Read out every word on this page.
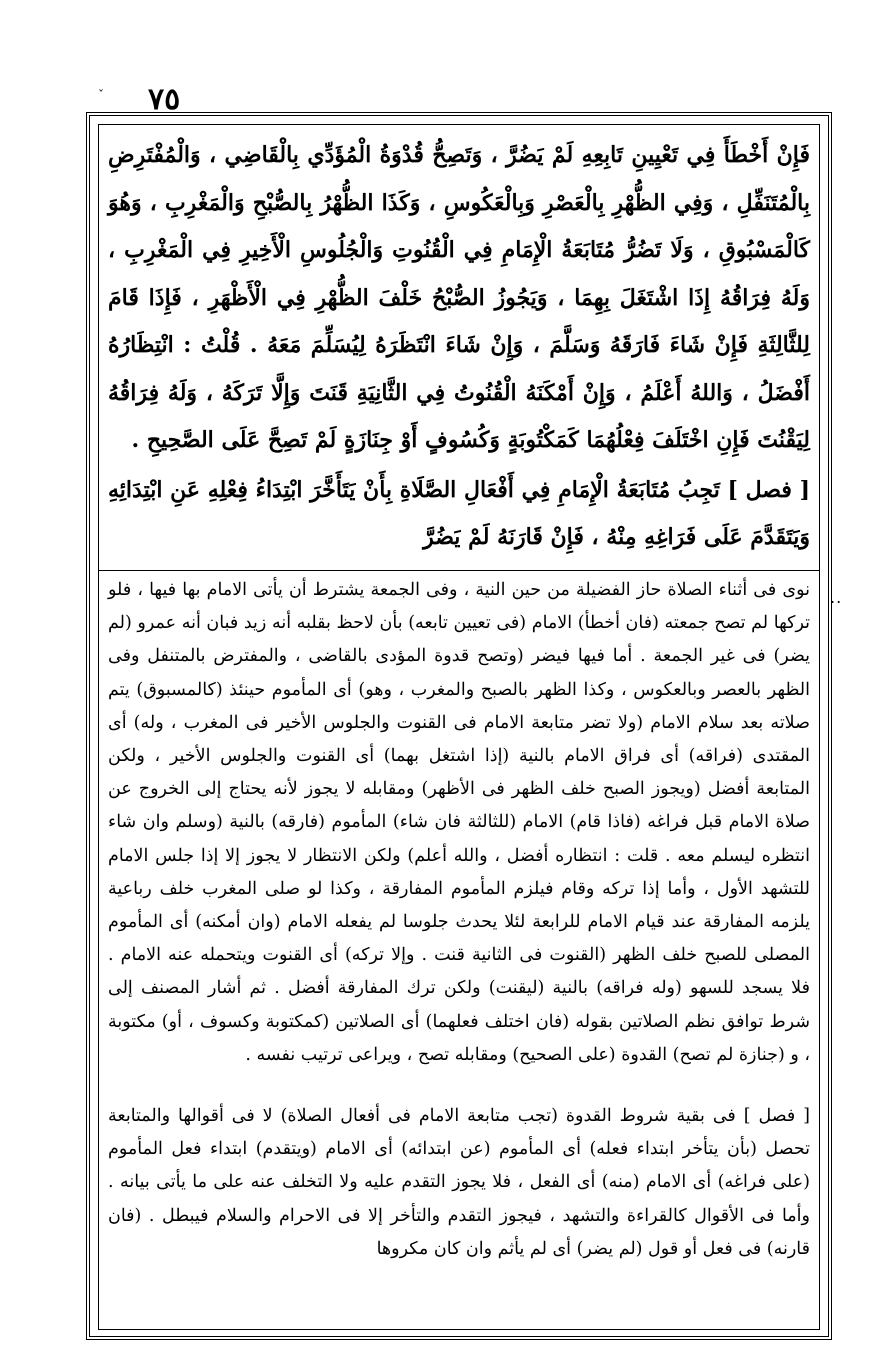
ˇ ٧٥

فَإِنْ أَخْطَأَ فِي تَعْيِينِ تَابِعِهِ لَمْ يَضُرَّ ، وَتَصِحُّ قُدْوَةُ الْمُؤَدِّي بِالْقَاضِي ، وَالْمُفْتَرِضِ بِالْمُتَنَفِّلِ ، وَفِي الظُّهْرِ بِالْعَصْرِ وَبِالْعَكُوسِ ، وَكَذَا الظُّهْرُ بِالصُّبْحِ وَالْمَغْرِبِ ، وَهُوَ كَالْمَسْبُوقِ ، وَلَا تَضُرُّ مُتَابَعَةُ الْإِمَامِ فِي الْقُنُوتِ وَالْجُلُوسِ الْأَخِيرِ فِي الْمَغْرِبِ ، وَلَهُ فِرَاقُهُ إِذَا اشْتَغَلَ بِهِمَا ، وَيَجُوزُ الصُّبْحُ خَلْفَ الظُّهْرِ فِي الْأَظْهَرِ ، فَإِذَا قَامَ لِلثَّالِثَةِ فَإِنْ شَاءَ فَارَقَهُ وَسَلَّمَ ، وَإِنْ شَاءَ انْتَظَرَهُ لِيُسَلِّمَ مَعَهُ . قُلْتُ : انْتِظَارُهُ أَفْضَلُ ، وَاللهُ أَعْلَمُ ، وَإِنْ أَمْكَنَهُ الْقُنُوتُ فِي الثَّانِيَةِ قَنَتَ وَإِلَّا تَرَكَهُ ، وَلَهُ فِرَاقُهُ لِيَقْنُتَ فَإِنِ اخْتَلَفَ فِعْلُهُمَا كَمَكْتُوبَةٍ وَكُسُوفٍ أَوْ جِنَازَةٍ لَمْ تَصِحَّ عَلَى الصَّحِيحِ .

[ فصل ] تَجِبُ مُتَابَعَةُ الْإِمَامِ فِي أَفْعَالِ الصَّلَاةِ بِأَنْ يَتَأَخَّرَ ابْتِدَاءُ فِعْلِهِ عَنِ ابْتِدَائِهِ وَيَتَقَدَّمَ عَلَى فَرَاغِهِ مِنْهُ ، فَإِنْ قَارَنَهُ لَمْ يَضُرَّ

..

نوى فى أثناء الصلاة حاز الفضيلة من حين النية ، وفى الجمعة يشترط أن يأتى الامام بها فيها ، فلو تركها لم تصح جمعته (فان أخطأ) الامام (فى تعيين تابعه) بأن لاحظ بقلبه أنه زيد فبان أنه عمرو (لم يضر) فى غير الجمعة . أما فيها فيضر (وتصح قدوة المؤدى بالقاضى ، والمفترض بالمتنفل وفى الظهر بالعصر وبالعكوس ، وكذا الظهر بالصبح والمغرب ، وهو) أى المأموم حينئذ (كالمسبوق) يتم صلاته بعد سلام الامام (ولا تضر متابعة الامام فى القنوت والجلوس الأخير فى المغرب ، وله) أى المقتدى (فراقه) أى فراق الامام بالنية (إذا اشتغل بهما) أى القنوت والجلوس الأخير ، ولكن المتابعة أفضل (ويجوز الصبح خلف الظهر فى الأظهر) ومقابله لا يجوز لأنه يحتاج إلى الخروج عن صلاة الامام قبل فراغه (فاذا قام) الامام (للثالثة فان شاء) المأموم (فارقه) بالنية (وسلم وان شاء انتظره ليسلم معه . قلت : انتظاره أفضل ، والله أعلم) ولكن الانتظار لا يجوز إلا إذا جلس الامام للتشهد الأول ، وأما إذا تركه وقام فيلزم المأموم المفارقة ، وكذا لو صلى المغرب خلف رباعية يلزمه المفارقة عند قيام الامام للرابعة لئلا يحدث جلوسا لم يفعله الامام (وان أمكنه) أى المأموم المصلى للصبح خلف الظهر (القنوت فى الثانية قنت . وإلا تركه) أى القنوت ويتحمله عنه الامام . فلا يسجد للسهو (وله فراقه) بالنية (ليقنت) ولكن ترك المفارقة أفضل . ثم أشار المصنف إلى شرط توافق نظم الصلاتين بقوله (فان اختلف فعلهما) أى الصلاتين (كمكتوبة وكسوف ، أو) مكتوبة ، و (جنازة لم تصح) القدوة (على الصحيح) ومقابله تصح ، ويراعى ترتيب نفسه .

[ فصل ] فى بقية شروط القدوة (تجب متابعة الامام فى أفعال الصلاة) لا فى أقوالها والمتابعة تحصل (بأن يتأخر ابتداء فعله) أى المأموم (عن ابتدائه) أى الامام (ويتقدم) ابتداء فعل المأموم (على فراغه) أى الامام (منه) أى الفعل ، فلا يجوز التقدم عليه ولا التخلف عنه على ما يأتى بيانه . وأما فى الأقوال كالقراءة والتشهد ، فيجوز التقدم والتأخر إلا فى الاحرام والسلام فيبطل . (فان قارنه) فى فعل أو قول (لم يضر) أى لم يأثم وان كان مكروها
